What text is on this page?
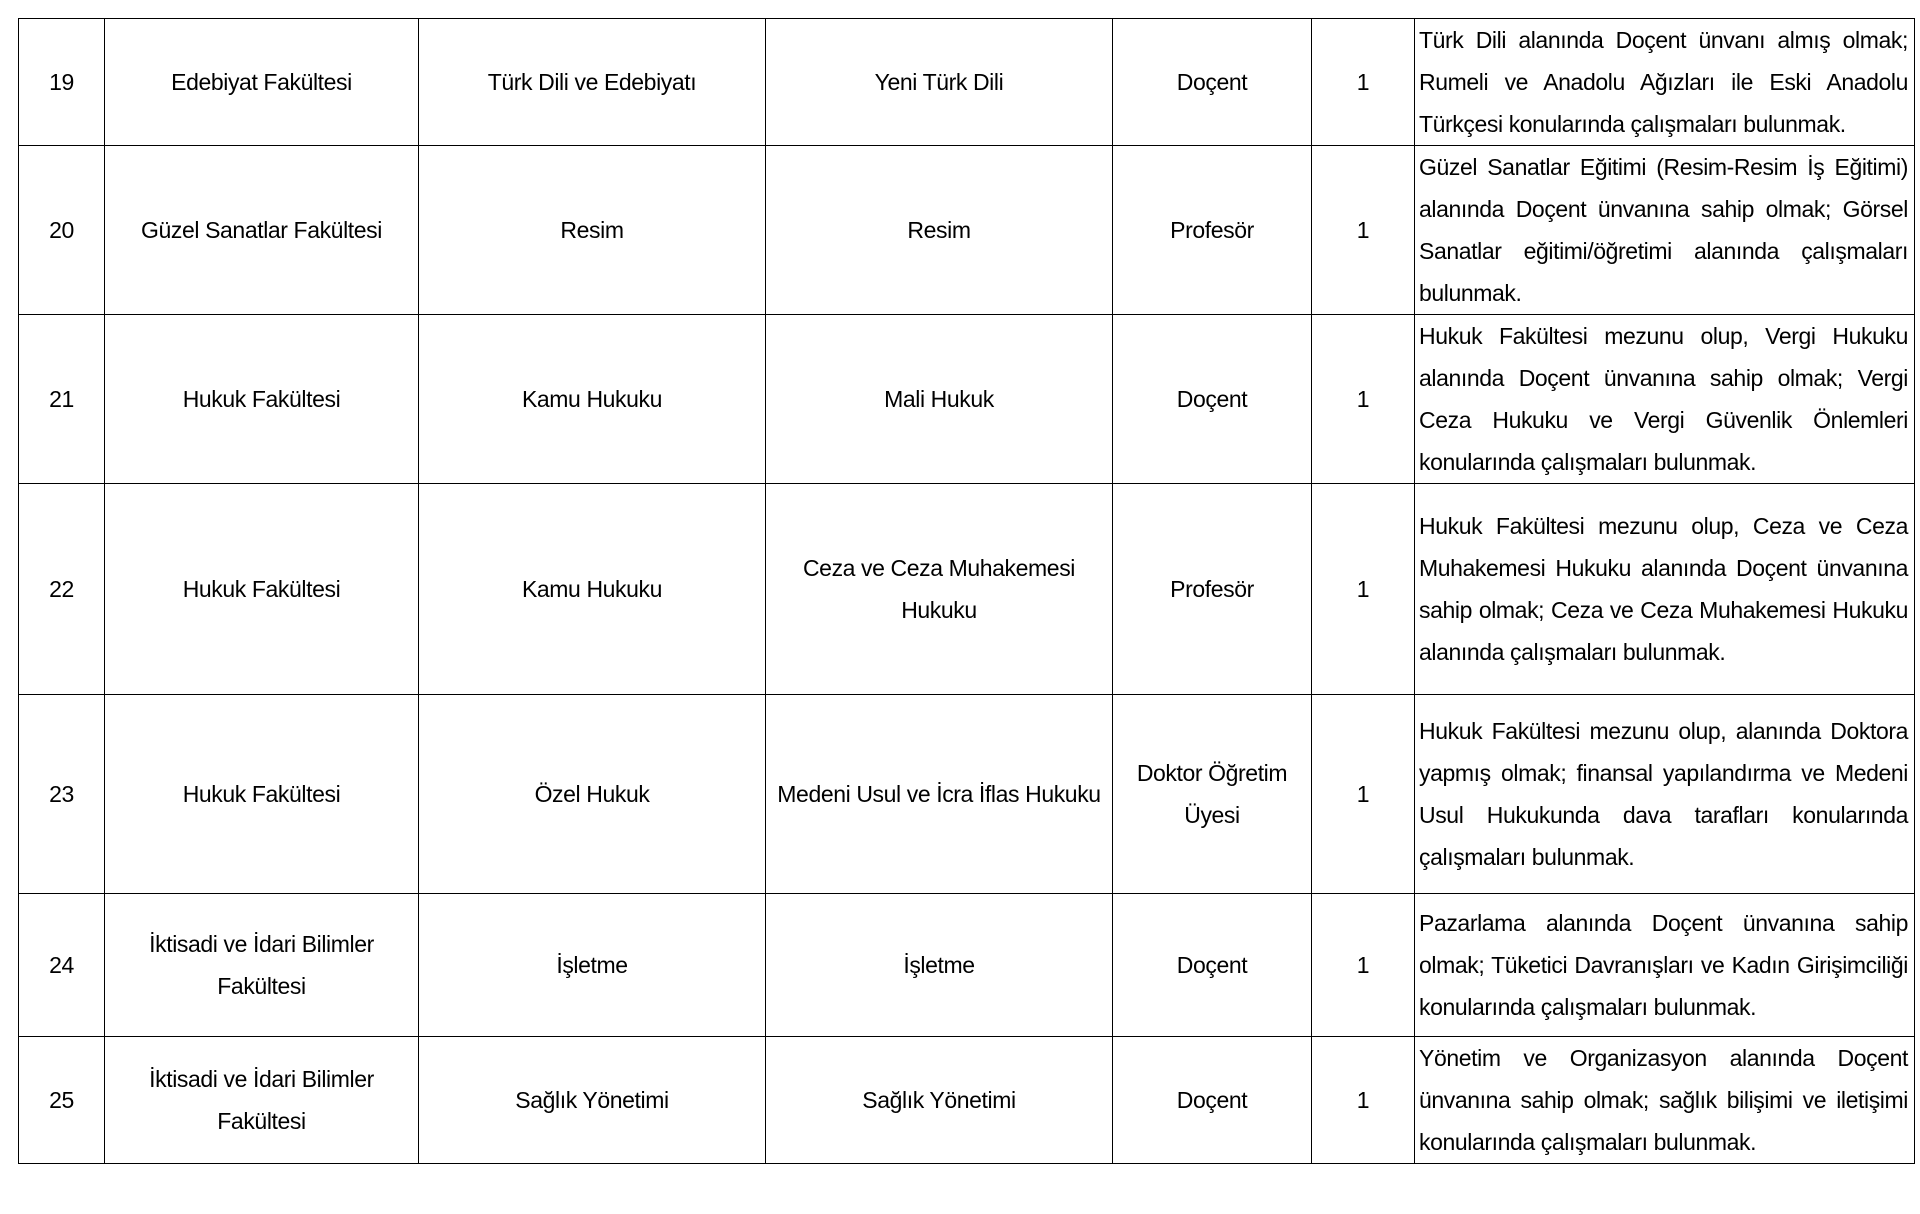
19	Edebiyat Fakültesi	Türk Dili ve Edebiyatı	Yeni Türk Dili	Doçent	1	Türk Dili alanında Doçent ünvanı almış olmak; Rumeli ve Anadolu Ağızları ile Eski Anadolu Türkçesi konularında çalışmaları bulunmak.

20	Güzel Sanatlar Fakültesi	Resim	Resim	Profesör	1	Güzel Sanatlar Eğitimi (Resim-Resim İş Eğitimi) alanında Doçent ünvanına sahip olmak; Görsel Sanatlar eğitimi/öğretimi alanında çalışmaları bulunmak.

21	Hukuk Fakültesi	Kamu Hukuku	Mali Hukuk	Doçent	1	Hukuk Fakültesi mezunu olup, Vergi Hukuku alanında Doçent ünvanına sahip olmak; Vergi Ceza Hukuku ve Vergi Güvenlik Önlemleri konularında çalışmaları bulunmak.

22	Hukuk Fakültesi	Kamu Hukuku	Ceza ve Ceza Muhakemesi Hukuku	Profesör	1	Hukuk Fakültesi mezunu olup, Ceza ve Ceza Muhakemesi Hukuku alanında Doçent ünvanına sahip olmak; Ceza ve Ceza Muhakemesi Hukuku alanında çalışmaları bulunmak.

23	Hukuk Fakültesi	Özel Hukuk	Medeni Usul ve İcra İflas Hukuku	Doktor Öğretim Üyesi	1	Hukuk Fakültesi mezunu olup, alanında Doktora yapmış olmak; finansal yapılandırma ve Medeni Usul Hukukunda dava tarafları konularında çalışmaları bulunmak.

24	İktisadi ve İdari Bilimler Fakültesi	İşletme	İşletme	Doçent	1	Pazarlama alanında Doçent ünvanına sahip olmak; Tüketici Davranışları ve Kadın Girişimciliği konularında çalışmaları bulunmak.

25	İktisadi ve İdari Bilimler Fakültesi	Sağlık Yönetimi	Sağlık Yönetimi	Doçent	1	Yönetim ve Organizasyon alanında Doçent ünvanına sahip olmak; sağlık bilişimi ve iletişimi konularında çalışmaları bulunmak.
